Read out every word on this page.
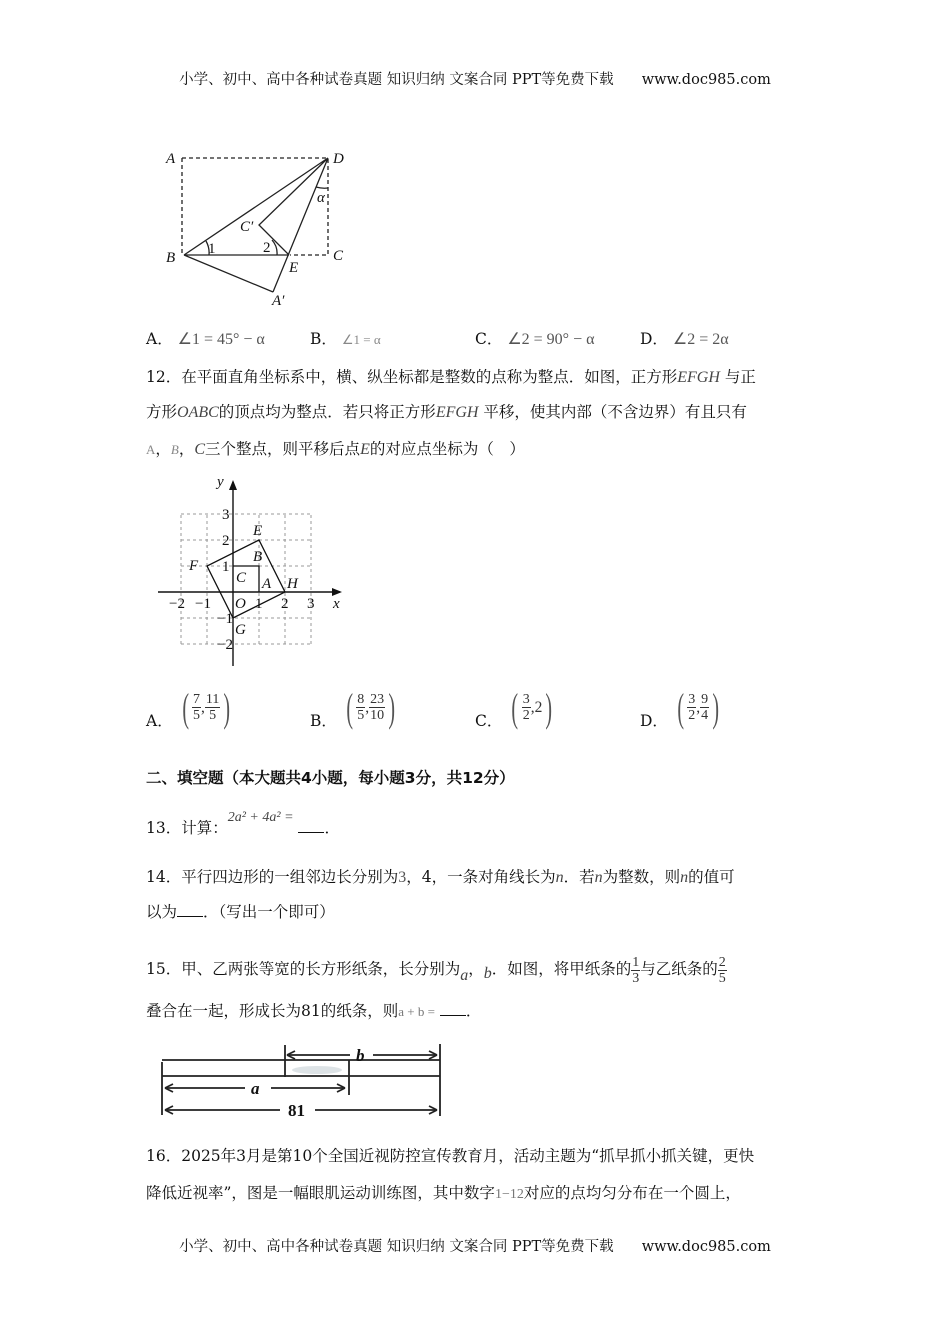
小学、初中、高中各种试卷真题 知识归纳 文案合同 PPT等免费下载 www.doc985.com
A	D
C
B
E
C′
A′
1	2
α
A． ∠1 = 45° − α	B． ∠1 = α	C． ∠2 = 90° − α	D． ∠2 = 2α
12．在平面直角坐标系中，横、纵坐标都是整数的点称为整点．如图，正方形EFGH 与正
方形OABC的顶点均为整点．若只将正方形EFGH 平移，使其内部（不含边界）有且只有
A，B，C三个整点，则平移后点E的对应点坐标为（　）
y
x
E
F
G
H
A
B
C
O
−2 −1	1 2 3
3
2
1
−1
−2
A． ( $\frac{7}{5}$ , $\frac{11}{5}$ )	B． ( $\frac{8}{5}$ , $\frac{23}{10}$ )	C． ( $\frac{3}{2}$ , 2 )	D． ( $\frac{3}{2}$ , $\frac{9}{4}$ )
二、填空题（本大题共4小题，每小题3分，共12分）
13．计算：2a² + 4a² = ．
14．平行四边形的一组邻边长分别为3，4，一条对角线长为n．若n为整数，则n的值可
以为 ．（写出一个即可）
15．甲、乙两张等宽的长方形纸条，长分别为a，b．如图，将甲纸条的 $\frac{1}{3}$ 与乙纸条的 $\frac{2}{5}$
叠合在一起，形成长为81的纸条，则a + b = ．
a
b
81
16．2025年3月是第10个全国近视防控宣传教育月，活动主题为“抓早抓小抓关键，更快
降低近视率”，图是一幅眼肌运动训练图，其中数字1−12对应的点均匀分布在一个圆上，
小学、初中、高中各种试卷真题 知识归纳 文案合同 PPT等免费下载 www.doc985.com
